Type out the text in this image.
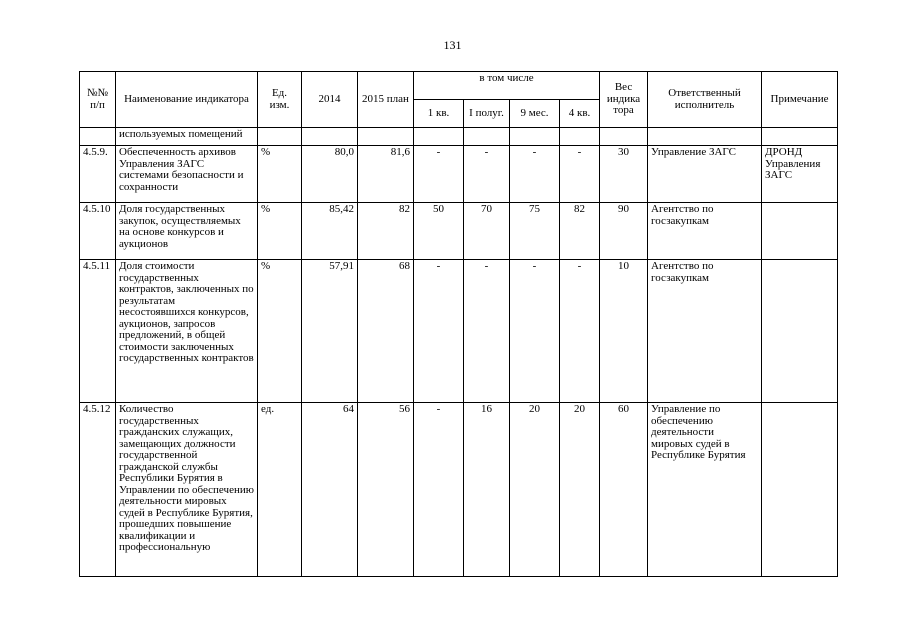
131
№№ п/п	Наименование индикатора	Ед. изм.	2014	2015 план	в том числе				Вес индика тора	Ответственный исполнитель	Примечание
					1 кв.	I полуг.	9 мес.	4 кв.			
	используемых помещений										
4.5.9.	Обеспеченность архивов Управления ЗАГС системами безопасности и сохранности	%	80,0	81,6	-	-	-	-	30	Управление ЗАГС	ДРОНД Управления ЗАГС
4.5.10	Доля государственных закупок, осуществляемых на основе конкурсов и аукционов	%	85,42	82	50	70	75	82	90	Агентство по госзакупкам	
4.5.11	Доля стоимости государственных контрактов, заключенных по результатам несостоявшихся конкурсов, аукционов, запросов предложений, в общей стоимости заключенных государственных контрактов	%	57,91	68	-	-	-	-	10	Агентство по госзакупкам	
4.5.12	Количество государственных гражданских служащих, замещающих должности государственной гражданской службы Республики Бурятия в Управлении по обеспечению деятельности мировых судей в Республике Бурятия, прошедших повышение квалификации и профессиональную	ед.	64	56	-	16	20	20	60	Управление по обеспечению деятельности мировых судей в Республике Бурятия	
